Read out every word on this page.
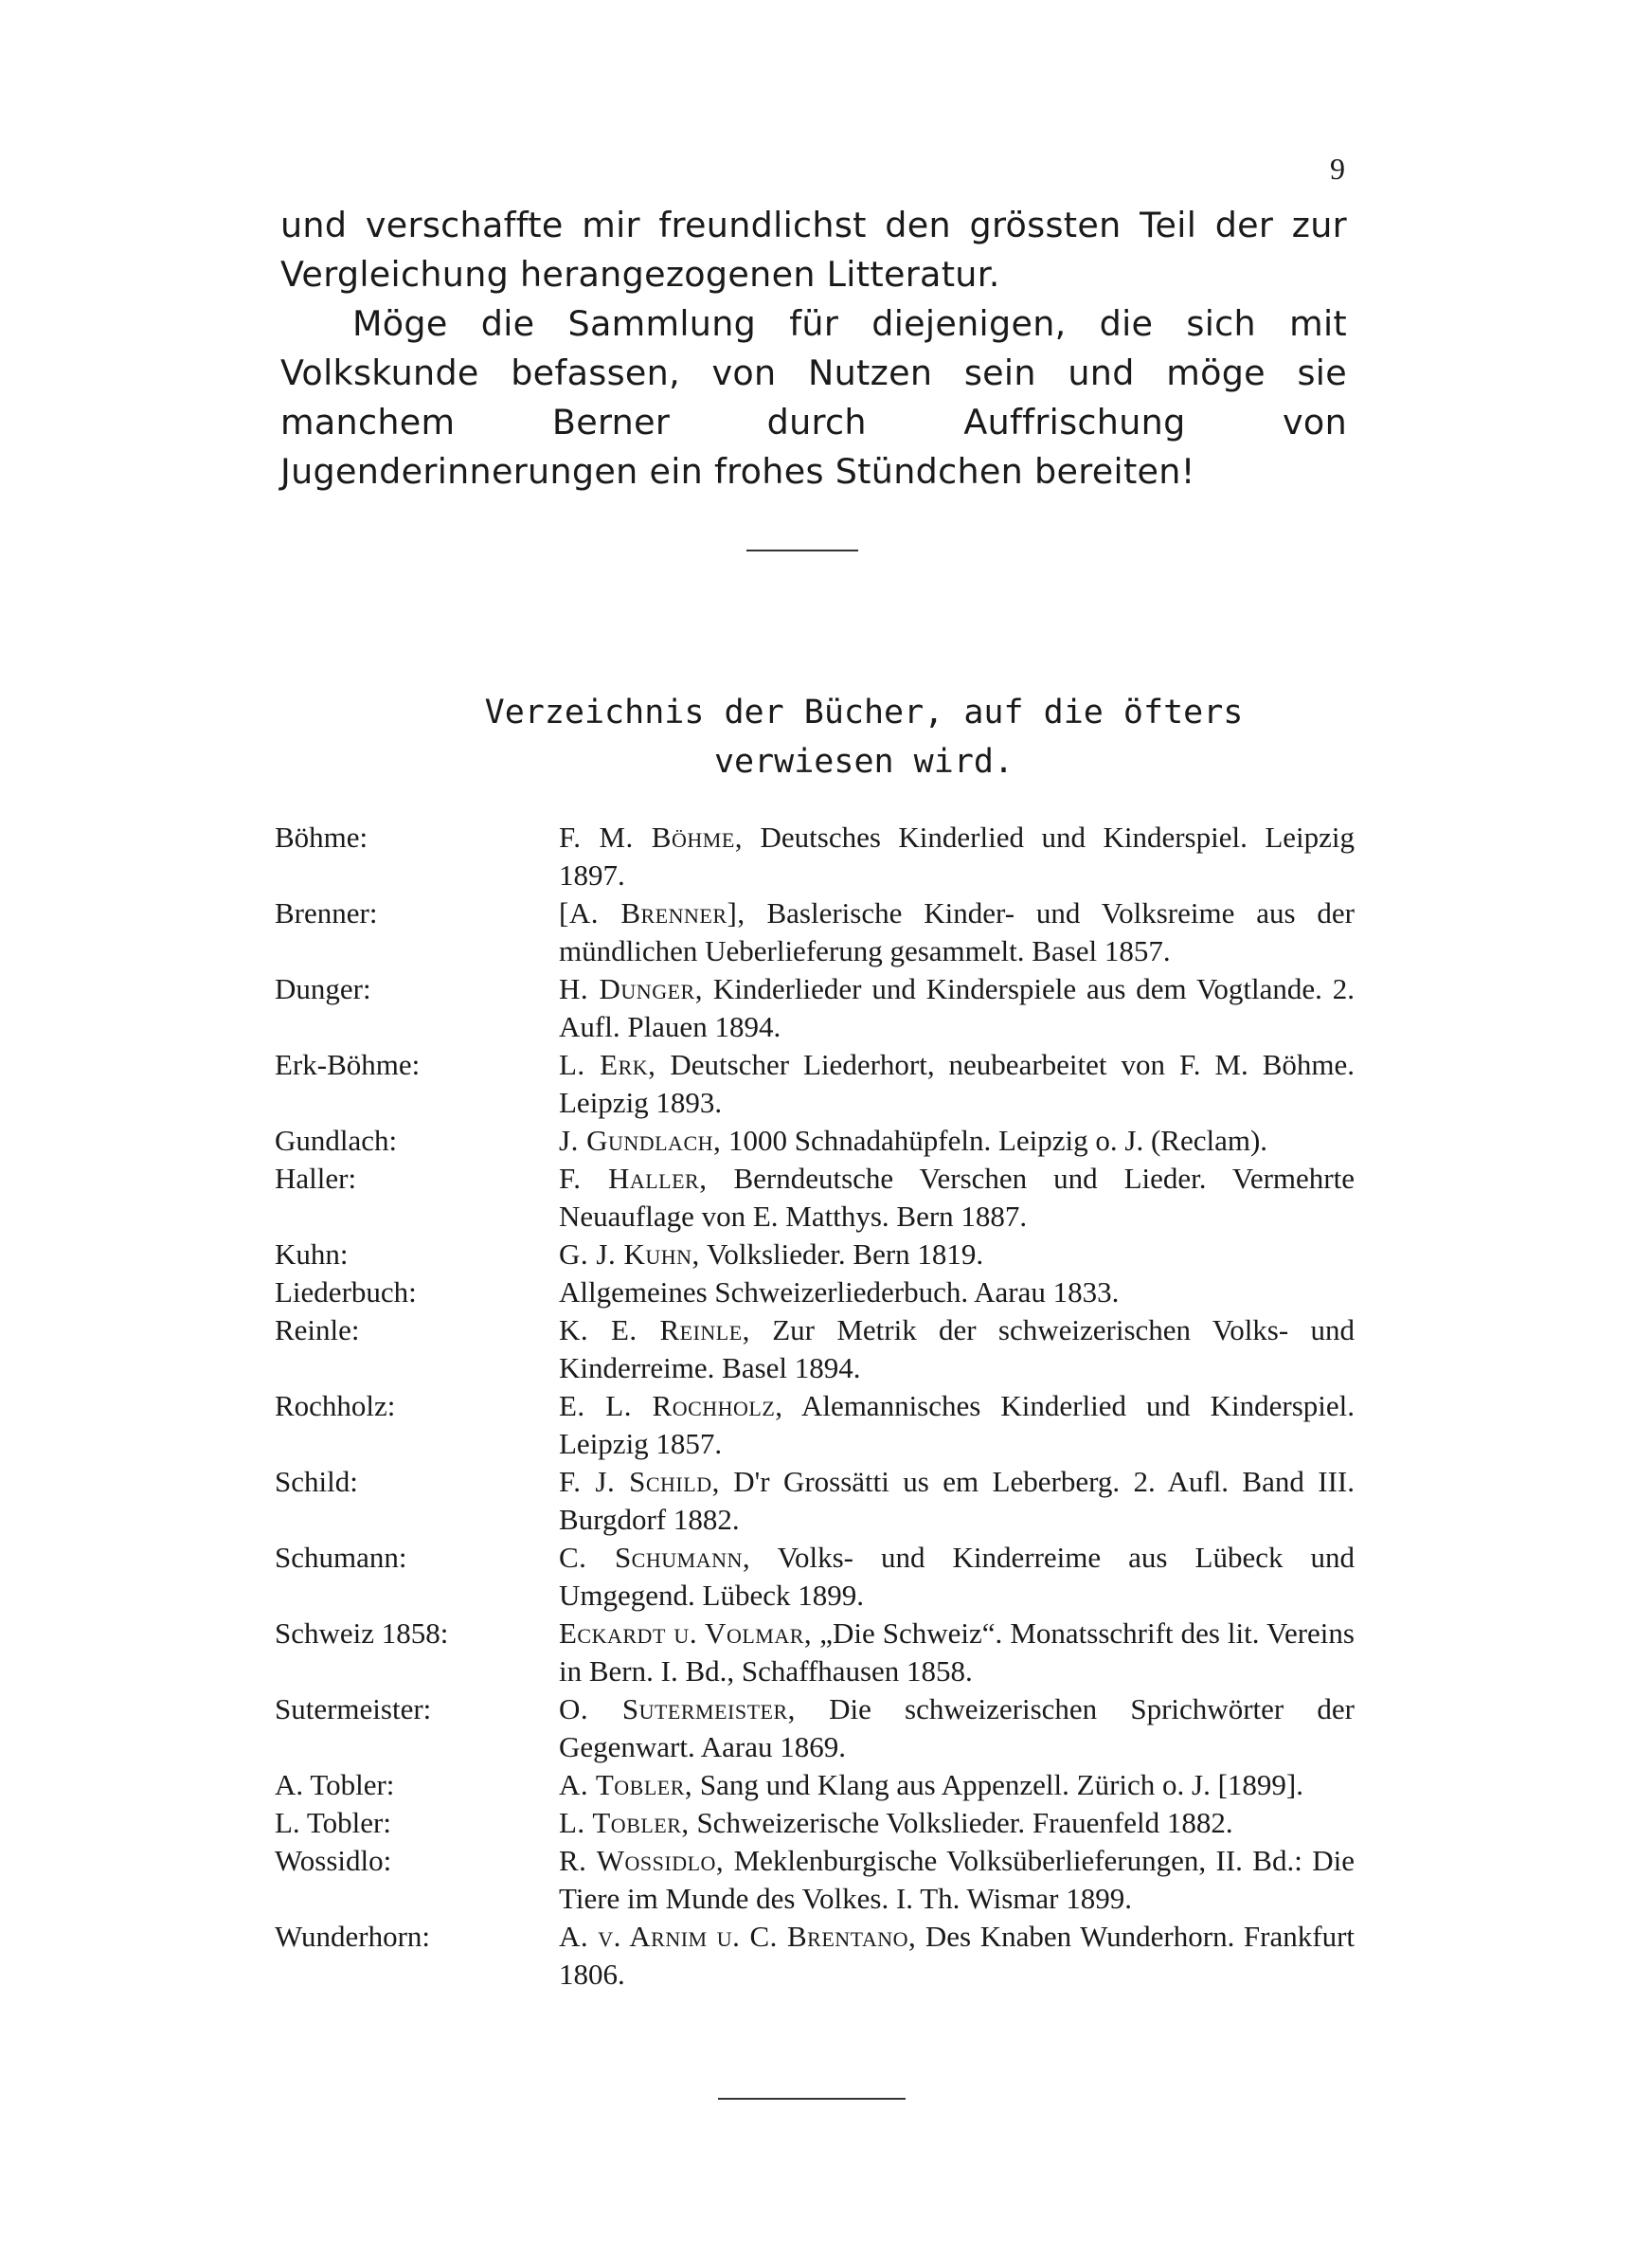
9

und verschaffte mir freundlichst den grössten Teil der zur Vergleichung herangezogenen Litteratur.

Möge die Sammlung für diejenigen, die sich mit Volkskunde befassen, von Nutzen sein und möge sie manchem Berner durch Auffrischung von Jugenderinnerungen ein frohes Stündchen bereiten!

Verzeichnis der Bücher, auf die öfters
verwiesen wird.
Böhme:	F. M. Böhme, Deutsches Kinderlied und Kinderspiel. Leipzig 1897.
Brenner:	[A. Brenner], Baslerische Kinder- und Volksreime aus der mündlichen Ueberlieferung gesammelt. Basel 1857.
Dunger:	H. Dunger, Kinderlieder und Kinderspiele aus dem Vogtlande. 2. Aufl. Plauen 1894.
Erk-Böhme:	L. Erk, Deutscher Liederhort, neubearbeitet von F. M. Böhme. Leipzig 1893.
Gundlach:	J. Gundlach, 1000 Schnadahüpfeln. Leipzig o. J. (Reclam).
Haller:	F. Haller, Berndeutsche Verschen und Lieder. Vermehrte Neuauflage von E. Matthys. Bern 1887.
Kuhn:	G. J. Kuhn, Volkslieder. Bern 1819.
Liederbuch:	Allgemeines Schweizerliederbuch. Aarau 1833.
Reinle:	K. E. Reinle, Zur Metrik der schweizerischen Volks- und Kinderreime. Basel 1894.
Rochholz:	E. L. Rochholz, Alemannisches Kinderlied und Kinderspiel. Leipzig 1857.
Schild:	F. J. Schild, D'r Grossätti us em Leberberg. 2. Aufl. Band III. Burgdorf 1882.
Schumann:	C. Schumann, Volks- und Kinderreime aus Lübeck und Umgegend. Lübeck 1899.
Schweiz 1858:	Eckardt u. Volmar, „Die Schweiz“. Monatsschrift des lit. Vereins in Bern. I. Bd., Schaffhausen 1858.
Sutermeister:	O. Sutermeister, Die schweizerischen Sprichwörter der Gegenwart. Aarau 1869.
A. Tobler:	A. Tobler, Sang und Klang aus Appenzell. Zürich o. J. [1899].
L. Tobler:	L. Tobler, Schweizerische Volkslieder. Frauenfeld 1882.
Wossidlo:	R. Wossidlo, Meklenburgische Volksüberlieferungen, II. Bd.: Die Tiere im Munde des Volkes. I. Th. Wismar 1899.
Wunderhorn:	A. v. Arnim u. C. Brentano, Des Knaben Wunderhorn. Frankfurt 1806.
